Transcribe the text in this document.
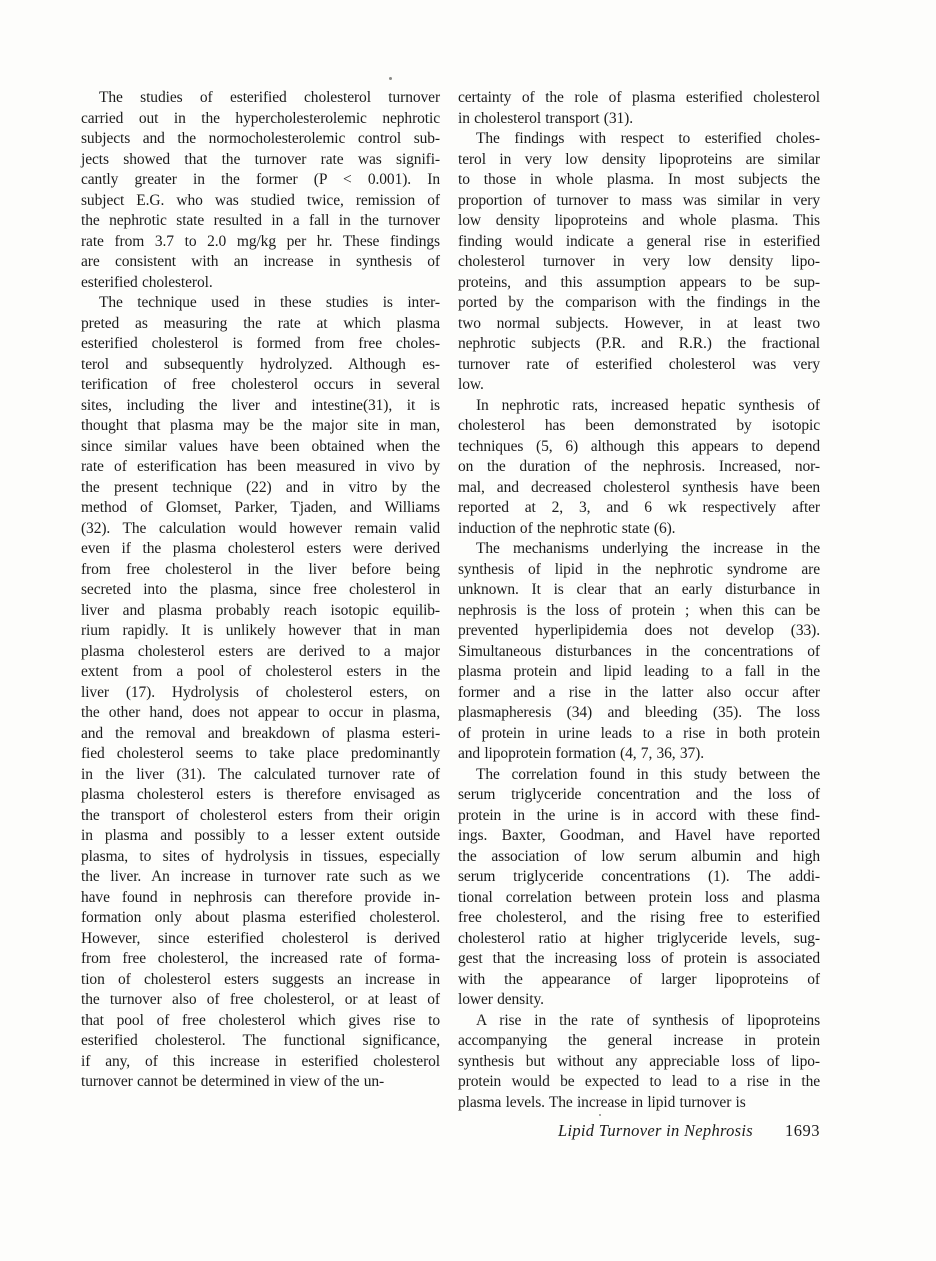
The studies of esterified cholesterol turnover
carried out in the hypercholesterolemic nephrotic
subjects and the normocholesterolemic control sub-
jects showed that the turnover rate was signifi-
cantly greater in the former (P < 0.001). In
subject E.G. who was studied twice, remission of
the nephrotic state resulted in a fall in the turnover
rate from 3.7 to 2.0 mg/kg per hr. These findings
are consistent with an increase in synthesis of
esterified cholesterol.
The technique used in these studies is inter-
preted as measuring the rate at which plasma
esterified cholesterol is formed from free choles-
terol and subsequently hydrolyzed. Although es-
terification of free cholesterol occurs in several
sites, including the liver and intestine(31), it is
thought that plasma may be the major site in man,
since similar values have been obtained when the
rate of esterification has been measured in vivo by
the present technique (22) and in vitro by the
method of Glomset, Parker, Tjaden, and Williams
(32). The calculation would however remain valid
even if the plasma cholesterol esters were derived
from free cholesterol in the liver before being
secreted into the plasma, since free cholesterol in
liver and plasma probably reach isotopic equilib-
rium rapidly. It is unlikely however that in man
plasma cholesterol esters are derived to a major
extent from a pool of cholesterol esters in the
liver (17). Hydrolysis of cholesterol esters, on
the other hand, does not appear to occur in plasma,
and the removal and breakdown of plasma esteri-
fied cholesterol seems to take place predominantly
in the liver (31). The calculated turnover rate of
plasma cholesterol esters is therefore envisaged as
the transport of cholesterol esters from their origin
in plasma and possibly to a lesser extent outside
plasma, to sites of hydrolysis in tissues, especially
the liver. An increase in turnover rate such as we
have found in nephrosis can therefore provide in-
formation only about plasma esterified cholesterol.
However, since esterified cholesterol is derived
from free cholesterol, the increased rate of forma-
tion of cholesterol esters suggests an increase in
the turnover also of free cholesterol, or at least of
that pool of free cholesterol which gives rise to
esterified cholesterol. The functional significance,
if any, of this increase in esterified cholesterol
turnover cannot be determined in view of the un-
certainty of the role of plasma esterified cholesterol
in cholesterol transport (31).
The findings with respect to esterified choles-
terol in very low density lipoproteins are similar
to those in whole plasma. In most subjects the
proportion of turnover to mass was similar in very
low density lipoproteins and whole plasma. This
finding would indicate a general rise in esterified
cholesterol turnover in very low density lipo-
proteins, and this assumption appears to be sup-
ported by the comparison with the findings in the
two normal subjects. However, in at least two
nephrotic subjects (P.R. and R.R.) the fractional
turnover rate of esterified cholesterol was very
low.
In nephrotic rats, increased hepatic synthesis of
cholesterol has been demonstrated by isotopic
techniques (5, 6) although this appears to depend
on the duration of the nephrosis. Increased, nor-
mal, and decreased cholesterol synthesis have been
reported at 2, 3, and 6 wk respectively after
induction of the nephrotic state (6).
The mechanisms underlying the increase in the
synthesis of lipid in the nephrotic syndrome are
unknown. It is clear that an early disturbance in
nephrosis is the loss of protein ; when this can be
prevented hyperlipidemia does not develop (33).
Simultaneous disturbances in the concentrations of
plasma protein and lipid leading to a fall in the
former and a rise in the latter also occur after
plasmapheresis (34) and bleeding (35). The loss
of protein in urine leads to a rise in both protein
and lipoprotein formation (4, 7, 36, 37).
The correlation found in this study between the
serum triglyceride concentration and the loss of
protein in the urine is in accord with these find-
ings. Baxter, Goodman, and Havel have reported
the association of low serum albumin and high
serum triglyceride concentrations (1). The addi-
tional correlation between protein loss and plasma
free cholesterol, and the rising free to esterified
cholesterol ratio at higher triglyceride levels, sug-
gest that the increasing loss of protein is associated
with the appearance of larger lipoproteins of
lower density.
A rise in the rate of synthesis of lipoproteins
accompanying the general increase in protein
synthesis but without any appreciable loss of lipo-
protein would be expected to lead to a rise in the
plasma levels. The increase in lipid turnover is
Lipid Turnover in Nephrosis 1693
